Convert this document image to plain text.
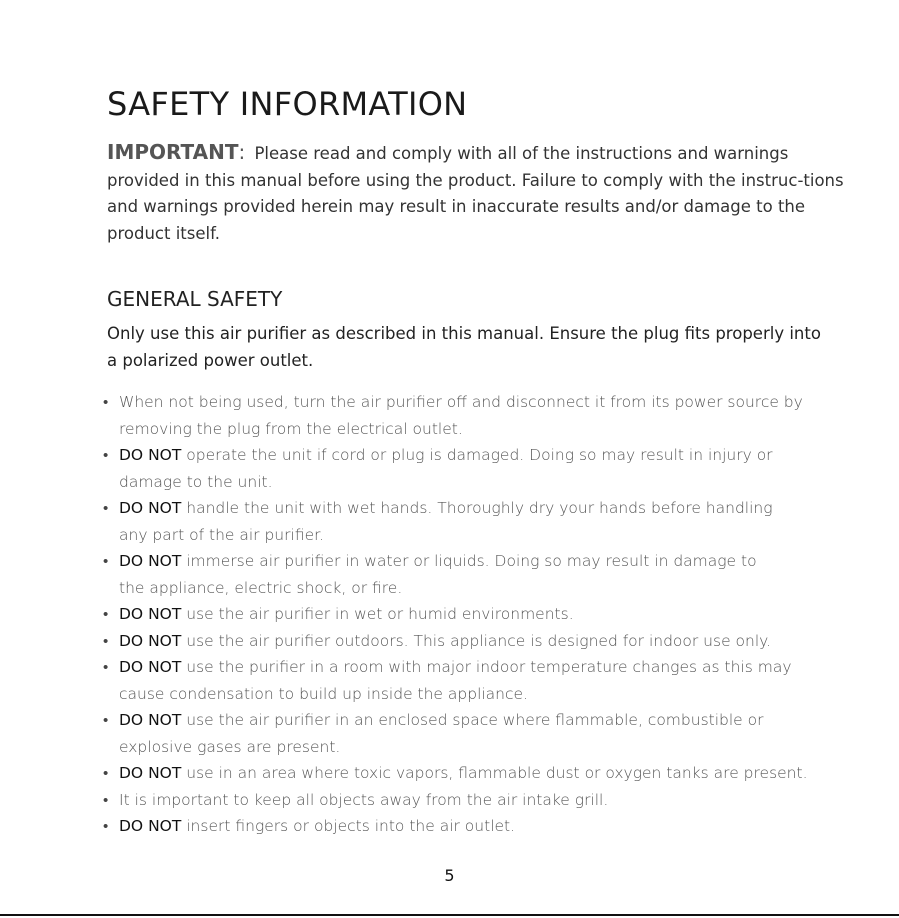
SAFETY INFORMATION
IMPORTANT: Please read and comply with all of the instructions and warnings provided in this manual before using the product. Failure to comply with the instruc-tions and warnings provided herein may result in inaccurate results and/or damage to the product itself.
GENERAL SAFETY
Only use this air purifier as described in this manual. Ensure the plug fits properly into a polarized power outlet.
• When not being used, turn the air purifier off and disconnect it from its power source by
removing the plug from the electrical outlet.
• DO NOT operate the unit if cord or plug is damaged. Doing so may result in injury or
damage to the unit.
• DO NOT handle the unit with wet hands. Thoroughly dry your hands before handling
any part of the air purifier.
• DO NOT immerse air purifier in water or liquids. Doing so may result in damage to
the appliance, electric shock, or fire.
• DO NOT use the air purifier in wet or humid environments.
• DO NOT use the air purifier outdoors. This appliance is designed for indoor use only.
• DO NOT use the purifier in a room with major indoor temperature changes as this may
cause condensation to build up inside the appliance.
• DO NOT use the air purifier in an enclosed space where flammable, combustible or
explosive gases are present.
• DO NOT use in an area where toxic vapors, flammable dust or oxygen tanks are present.
• It is important to keep all objects away from the air intake grill.
• DO NOT insert fingers or objects into the air outlet.
5
